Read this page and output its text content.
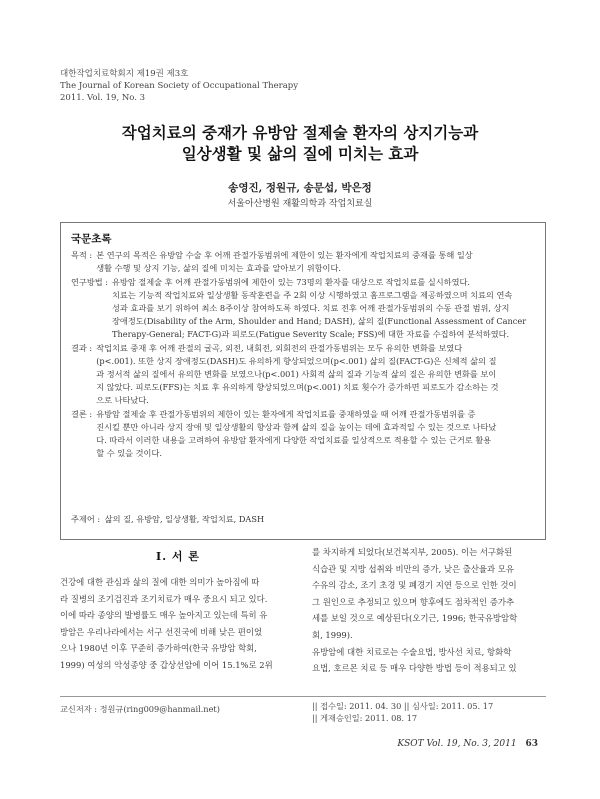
대한작업치료학회지 제19권 제3호
The Journal of Korean Society of Occupational Therapy
2011. Vol. 19, No. 3
작업치료의 중재가 유방암 절제술 환자의 상지기능과
일상생활 및 삶의 질에 미치는 효과
송영진, 정원규, 송문섭, 박은정
서울아산병원 재활의학과 작업치료실
국문초록
목적 : 본 연구의 목적은 유방암 수술 후 어깨 관절가동범위에 제한이 있는 환자에게 작업치료의 중재를 통해 일상
생활 수행 및 상지 기능, 삶의 질에 미치는 효과를 알아보기 위함이다.
연구방법 : 유방암 절제술 후 어깨 관절가동범위에 제한이 있는 73명의 환자를 대상으로 작업치료를 실시하였다.
치료는 기능적 작업치료와 일상생활 동작훈련을 주 2회 이상 시행하였고 홈프로그램을 제공하였으며 치료의 연속
성과 효과를 보기 위하여 최소 8주이상 참여하도록 하였다. 치료 전후 어깨 관절가동범위의 수동 관절 범위, 상지
장애정도(Disability of the Arm, Shoulder and Hand; DASH), 삶의 질(Functional Assessment of Cancer
Therapy-General; FACT-G)과 피로도(Fatigue Severity Scale; FSS)에 대한 자료를 수집하여 분석하였다.
결과 : 작업치료 중재 후 어깨 관절의 굴곡, 외전, 내회전, 외회전의 관절가동범위는 모두 유의한 변화를 보였다
(p<.001). 또한 상지 장애정도(DASH)도 유의하게 향상되었으며(p<.001) 삶의 질(FACT-G)은 신체적 삶의 질
과 정서적 삶의 질에서 유의한 변화를 보였으나(p<.001) 사회적 삶의 질과 기능적 삶의 질은 유의한 변화를 보이
지 않았다. 피로도(FFS)는 치료 후 유의하게 향상되었으며(p<.001) 치료 횟수가 증가하면 피로도가 감소하는 것
으로 나타났다.
결론 : 유방암 절제술 후 관절가동범위의 제한이 있는 환자에게 작업치료를 중재하였을 때 어깨 관절가동범위를 증
진시킬 뿐만 아니라 상지 장애 및 일상생활의 향상과 함께 삶의 질을 높이는 데에 효과적일 수 있는 것으로 나타났
다. 따라서 이러한 내용을 고려하여 유방암 환자에게 다양한 작업치료를 일상적으로 적용할 수 있는 근거로 활용
할 수 있을 것이다.
주제어 : 삶의 질, 유방암, 일상생활, 작업치료, DASH
Ⅰ. 서 론
건강에 대한 관심과 삶의 질에 대한 의미가 높아짐에 따
라 질병의 조기검진과 조기치료가 매우 중요시 되고 있다.
이에 따라 종양의 발병률도 매우 높아지고 있는데 특히 유
방암은 우리나라에서는 서구 선진국에 비해 낮은 편이었
으나 1980년 이후 꾸준히 증가하여(한국 유방암 학회,
1999) 여성의 악성종양 중 갑상선암에 이어 15.1%로 2위
를 차지하게 되었다(보건복지부, 2005). 이는 서구화된
식습관 및 지방 섭취와 비만의 증가, 낮은 출산율과 모유
수유의 감소, 조기 초경 및 폐경기 지연 등으로 인한 것이
그 원인으로 추정되고 있으며 향후에도 점차적인 증가추
세를 보일 것으로 예상된다(오기근, 1996; 한국유방암학
회, 1999).
유방암에 대한 치료로는 수술요법, 방사선 치료, 항화학
요법, 호르몬 치료 등 매우 다양한 방법 등이 적용되고 있
교신저자 : 정원규(ring009@hanmail.net)	|| 접수일: 2011. 04. 30 || 심사일: 2011. 05. 17
|| 게재승인일: 2011. 08. 17
KSOT Vol. 19, No. 3, 2011 63
